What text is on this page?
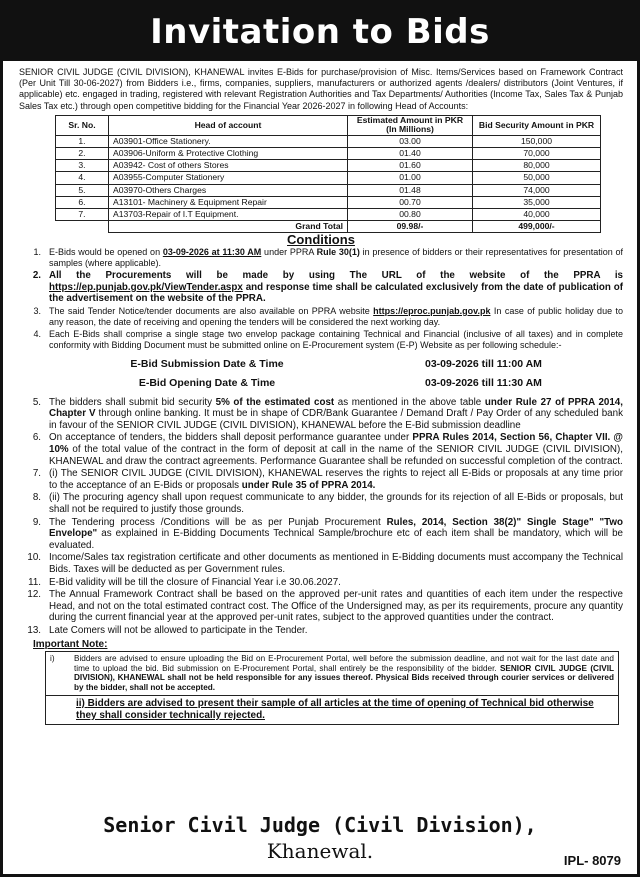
Invitation to Bids

SENIOR CIVIL JUDGE (CIVIL DIVISION), KHANEWAL invites E-Bids for purchase/provision of Misc. Items/Services based on Framework Contract (Per Unit Till 30-06-2027) from Bidders i.e., firms, companies, suppliers, manufacturers or authorized agents /dealers/ distributors (Joint Ventures, if applicable) etc. engaged in trading, registered with relevant Registration Authorities and Tax Departments/ Authorities (Income Tax, Sales Tax & Punjab Sales Tax etc.) through open competitive bidding for the Financial Year 2026-2027 in following Head of Accounts:

Sr. No.	Head of account	Estimated Amount in PKR (In Millions)	Bid Security Amount in PKR
1.	A03901-Office Stationery.	03.00	150,000
2.	A03906-Uniform & Protective Clothing	01.40	70,000
3.	A03942- Cost of others Stores	01.60	80,000
4.	A03955-Computer Stationery	01.00	50,000
5.	A03970-Others Charges	01.48	74,000
6.	A13101- Machinery & Equipment Repair	00.70	35,000
7.	A13703-Repair of I.T Equipment.	00.80	40,000
	Grand Total	09.98/-	499,000/-
Conditions
1. E-Bids would be opened on 03-09-2026 at 11:30 AM under PPRA Rule 30(1) in presence of bidders or their representatives for presentation of samples (where applicable).
2. All the Procurements will be made by using The URL of the website of the PPRA is https://ep.punjab.gov.pk/ViewTender.aspx and response time shall be calculated exclusively from the date of publication of the advertisement on the website of the PPRA.
3. The said Tender Notice/tender documents are also available on PPRA website https://eproc.punjab.gov.pk In case of public holiday due to any reason, the date of receiving and opening the tenders will be considered the next working day.
4. Each E-Bids shall comprise a single stage two envelop package containing Technical and Financial (inclusive of all taxes) and in complete conformity with Bidding Document must be submitted online on E-Procurement system (E-P) Website as per following schedule:-
E-Bid Submission Date & Time	03-09-2026 till 11:00 AM
E-Bid Opening Date & Time	03-09-2026 till 11:30 AM
5. The bidders shall submit bid security 5% of the estimated cost as mentioned in the above table under Rule 27 of PPRA 2014, Chapter V through online banking. It must be in shape of CDR/Bank Guarantee / Demand Draft / Pay Order of any scheduled bank in favour of the SENIOR CIVIL JUDGE (CIVIL DIVISION), KHANEWAL before the E-Bid submission deadline
6. On acceptance of tenders, the bidders shall deposit performance guarantee under PPRA Rules 2014, Section 56, Chapter VII. @ 10% of the total value of the contract in the form of deposit at call in the name of the SENIOR CIVIL JUDGE (CIVIL DIVISION), KHANEWAL and draw the contract agreements. Performance Guarantee shall be refunded on successful completion of the contract.
7. (i) The SENIOR CIVIL JUDGE (CIVIL DIVISION), KHANEWAL reserves the rights to reject all E-Bids or proposals at any time prior to the acceptance of an E-Bids or proposals under Rule 35 of PPRA 2014.
8. (ii) The procuring agency shall upon request communicate to any bidder, the grounds for its rejection of all E-Bids or proposals, but shall not be required to justify those grounds.
9. The Tendering process /Conditions will be as per Punjab Procurement Rules, 2014, Section 38(2)" Single Stage" "Two Envelope" as explained in E-Bidding Documents Technical Sample/brochure etc of each item shall be mandatory, which will be evaluated.
10. Income/Sales tax registration certificate and other documents as mentioned in E-Bidding documents must accompany the Technical Bids. Taxes will be deducted as per Government rules.
11. E-Bid validity will be till the closure of Financial Year i.e 30.06.2027.
12. The Annual Framework Contract shall be based on the approved per-unit rates and quantities of each item under the respective Head, and not on the total estimated contract cost. The Office of the Undersigned may, as per its requirements, procure any quantity during the current financial year at the approved per-unit rates, subject to the approved quantities under the contract.
13. Late Comers will not be allowed to participate in the Tender.
Important Note:
i)	Bidders are advised to ensure uploading the Bid on E-Procurement Portal, well before the submission deadline, and not wait for the last date and time to upload the bid. Bid submission on E-Procurement Portal, shall entirely be the responsibility of the bidder. SENIOR CIVIL JUDGE (CIVIL DIVISION), KHANEWAL shall not be held responsible for any issues thereof. Physical Bids received through courier services or delivered by the bidder, shall not be accepted.
ii) Bidders are advised to present their sample of all articles at the time of opening of Technical bid otherwise they shall consider technically rejected.
Senior Civil Judge (Civil Division),
Khanewal.	IPL- 8079
